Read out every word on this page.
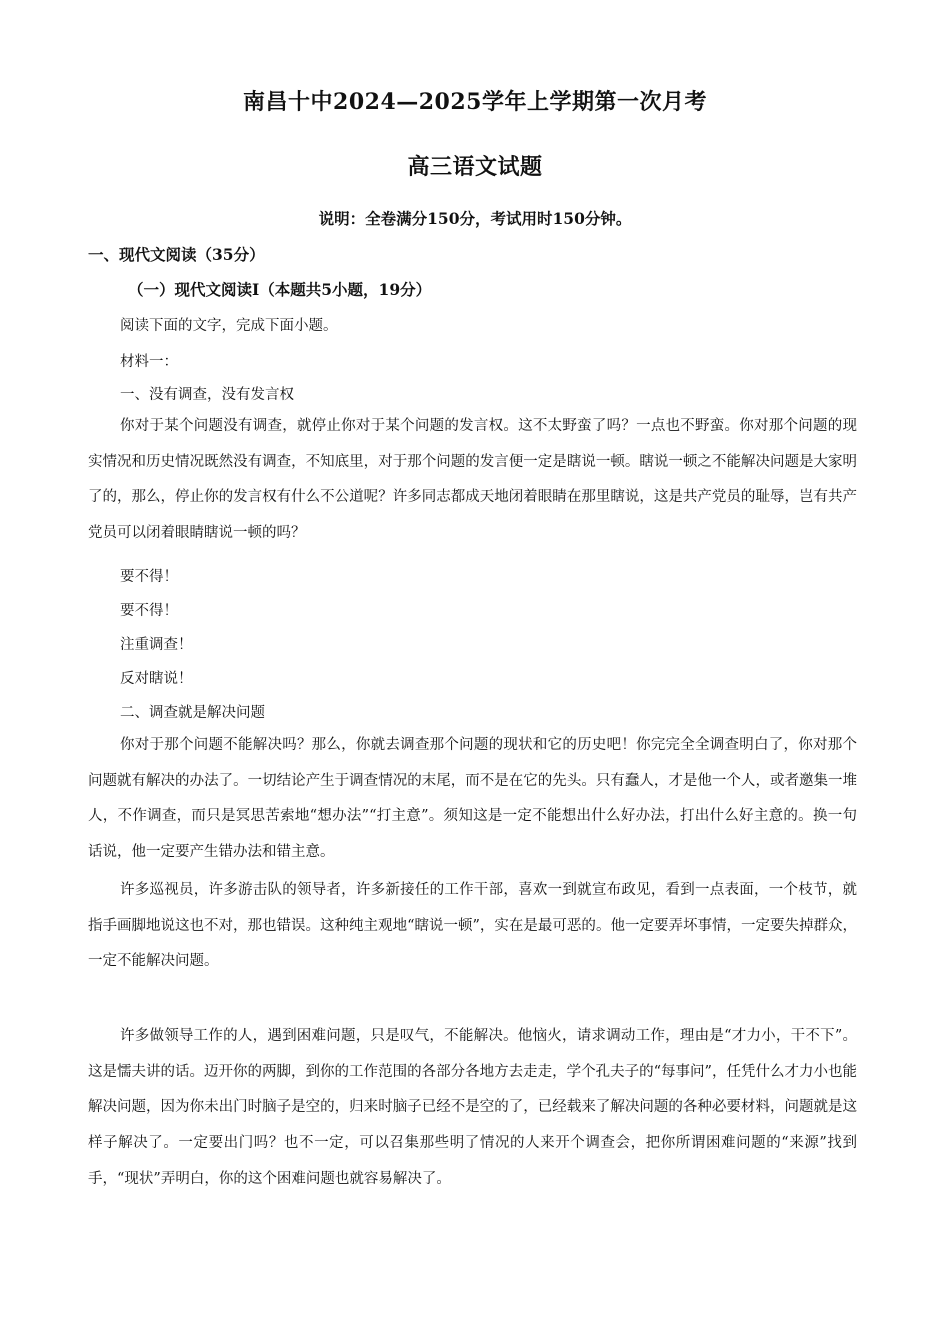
南昌十中2024—2025学年上学期第一次月考
高三语文试题
说明：全卷满分150分，考试用时150分钟。
一、现代文阅读（35分）
（一）现代文阅读Ⅰ（本题共5小题，19分）
阅读下面的文字，完成下面小题。
材料一：
一、没有调查，没有发言权

你对于某个问题没有调查，就停止你对于某个问题的发言权。这不太野蛮了吗？一点也不野蛮。你对那个问题的现实情况和历史情况既然没有调查，不知底里，对于那个问题的发言便一定是瞎说一顿。瞎说一顿之不能解决问题是大家明了的，那么，停止你的发言权有什么不公道呢？许多同志都成天地闭着眼睛在那里瞎说，这是共产党员的耻辱，岂有共产党员可以闭着眼睛瞎说一顿的吗？

要不得！
要不得！
注重调查！
反对瞎说！
二、调查就是解决问题

你对于那个问题不能解决吗？那么，你就去调查那个问题的现状和它的历史吧！你完完全全调查明白了，你对那个问题就有解决的办法了。一切结论产生于调查情况的末尾，而不是在它的先头。只有蠢人，才是他一个人，或者邀集一堆人，不作调查，而只是冥思苦索地“想办法”“打主意”。须知这是一定不能想出什么好办法，打出什么好主意的。换一句话说，他一定要产生错办法和错主意。

许多巡视员，许多游击队的领导者，许多新接任的工作干部，喜欢一到就宣布政见，看到一点表面，一个枝节，就指手画脚地说这也不对，那也错误。这种纯主观地“瞎说一顿”，实在是最可恶的。他一定要弄坏事情，一定要失掉群众，一定不能解决问题。

许多做领导工作的人，遇到困难问题，只是叹气，不能解决。他恼火，请求调动工作，理由是“才力小，干不下”。这是懦夫讲的话。迈开你的两脚，到你的工作范围的各部分各地方去走走，学个孔夫子的“每事问”，任凭什么才力小也能解决问题，因为你未出门时脑子是空的，归来时脑子已经不是空的了，已经载来了解决问题的各种必要材料，问题就是这样子解决了。一定要出门吗？也不一定，可以召集那些明了情况的人来开个调查会，把你所谓困难问题的“来源”找到手，“现状”弄明白，你的这个困难问题也就容易解决了。
